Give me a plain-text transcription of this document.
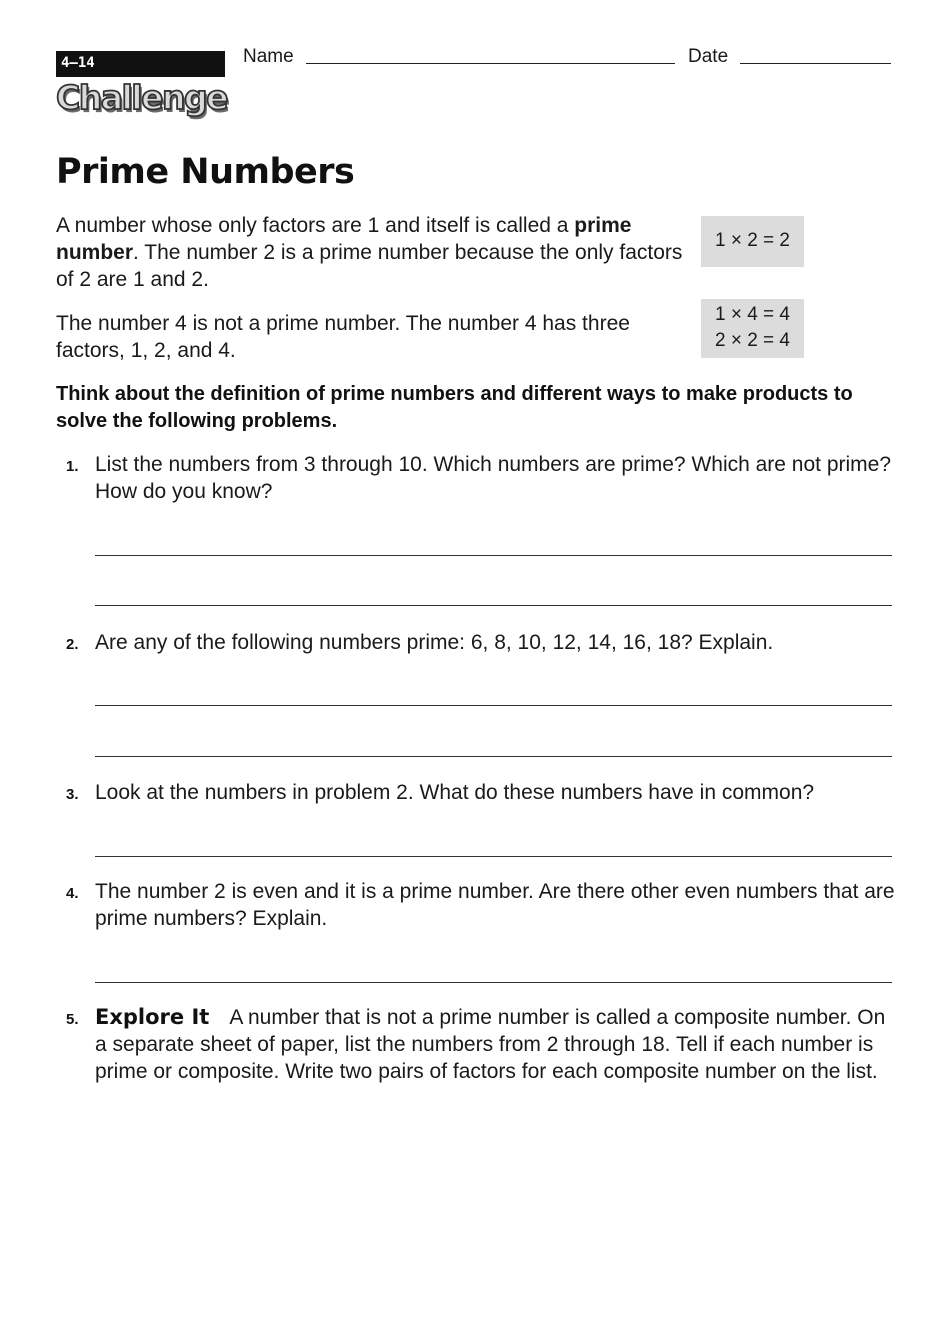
4–14	Name	Date
Challenge
Prime Numbers

A number whose only factors are 1 and itself is called a prime number. The number 2 is a prime number because the only factors of 2 are 1 and 2.

The number 4 is not a prime number. The number 4 has three factors, 1, 2, and 4.

1 × 2 = 2
1 × 4 = 4
2 × 2 = 4

Think about the definition of prime numbers and different ways to make products to solve the following problems.

1. List the numbers from 3 through 10. Which numbers are prime? Which are not prime? How do you know?

2. Are any of the following numbers prime: 6, 8, 10, 12, 14, 16, 18? Explain.

3. Look at the numbers in problem 2. What do these numbers have in common?

4. The number 2 is even and it is a prime number. Are there other even numbers that are prime numbers? Explain.

5. Explore It A number that is not a prime number is called a composite number. On a separate sheet of paper, list the numbers from 2 through 18. Tell if each number is prime or composite. Write two pairs of factors for each composite number on the list.
